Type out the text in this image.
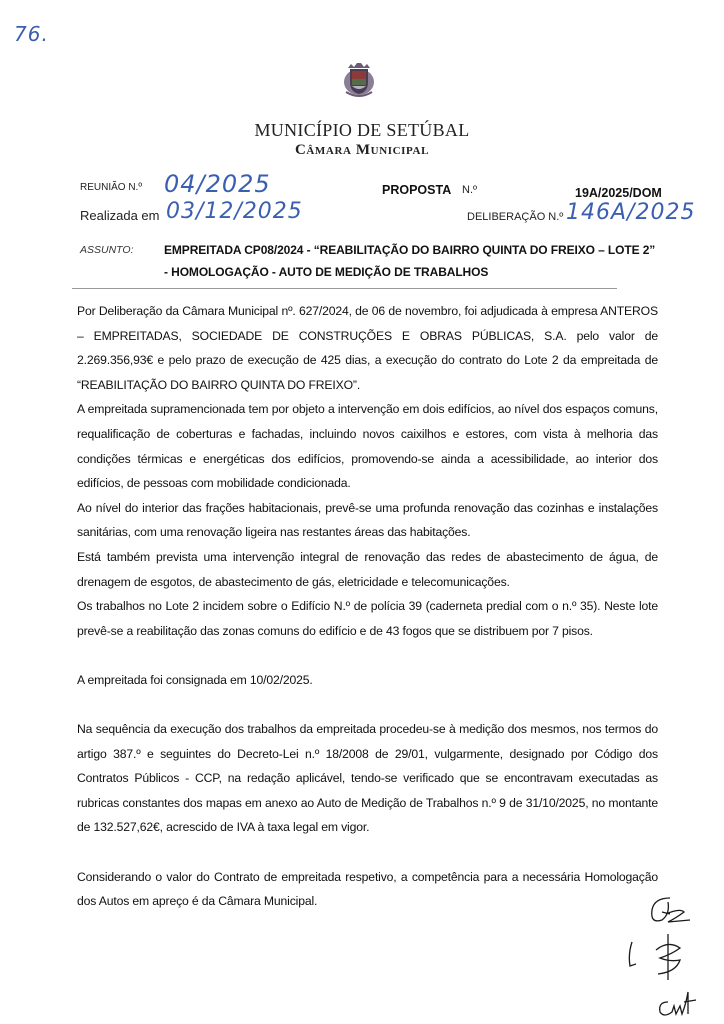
76.
MUNICÍPIO DE SETÚBAL
Câmara Municipal
REUNIÃO N.º 04/2025
Realizada em 03/12/2025
PROPOSTA N.º	19A/2025/DOM
DELIBERAÇÃO N.º 146A/2025
ASSUNTO:	EMPREITADA CP08/2024 - “REABILITAÇÃO DO BAIRRO QUINTA DO FREIXO – LOTE 2”
- HOMOLOGAÇÃO - AUTO DE MEDIÇÃO DE TRABALHOS

Por Deliberação da Câmara Municipal nº. 627/2024, de 06 de novembro, foi adjudicada à empresa ANTEROS – EMPREITADAS, SOCIEDADE DE CONSTRUÇÕES E OBRAS PÚBLICAS, S.A. pelo valor de 2.269.356,93€ e pelo prazo de execução de 425 dias, a execução do contrato do Lote 2 da empreitada de “REABILITAÇÃO DO BAIRRO QUINTA DO FREIXO”.

A empreitada supramencionada tem por objeto a intervenção em dois edifícios, ao nível dos espaços comuns, requalificação de coberturas e fachadas, incluindo novos caixilhos e estores, com vista à melhoria das condições térmicas e energéticas dos edifícios, promovendo-se ainda a acessibilidade, ao interior dos edifícios, de pessoas com mobilidade condicionada.

Ao nível do interior das frações habitacionais, prevê-se uma profunda renovação das cozinhas e instalações sanitárias, com uma renovação ligeira nas restantes áreas das habitações.

Está também prevista uma intervenção integral de renovação das redes de abastecimento de água, de drenagem de esgotos, de abastecimento de gás, eletricidade e telecomunicações.

Os trabalhos no Lote 2 incidem sobre o Edifício N.º de polícia 39 (caderneta predial com o n.º 35). Neste lote prevê-se a reabilitação das zonas comuns do edifício e de 43 fogos que se distribuem por 7 pisos.

A empreitada foi consignada em 10/02/2025.

Na sequência da execução dos trabalhos da empreitada procedeu-se à medição dos mesmos, nos termos do artigo 387.º e seguintes do Decreto-Lei n.º 18/2008 de 29/01, vulgarmente, designado por Código dos Contratos Públicos - CCP, na redação aplicável, tendo-se verificado que se encontravam executadas as rubricas constantes dos mapas em anexo ao Auto de Medição de Trabalhos n.º 9 de 31/10/2025, no montante de 132.527,62€, acrescido de IVA à taxa legal em vigor.

Considerando o valor do Contrato de empreitada respetivo, a competência para a necessária Homologação dos Autos em apreço é da Câmara Municipal.
